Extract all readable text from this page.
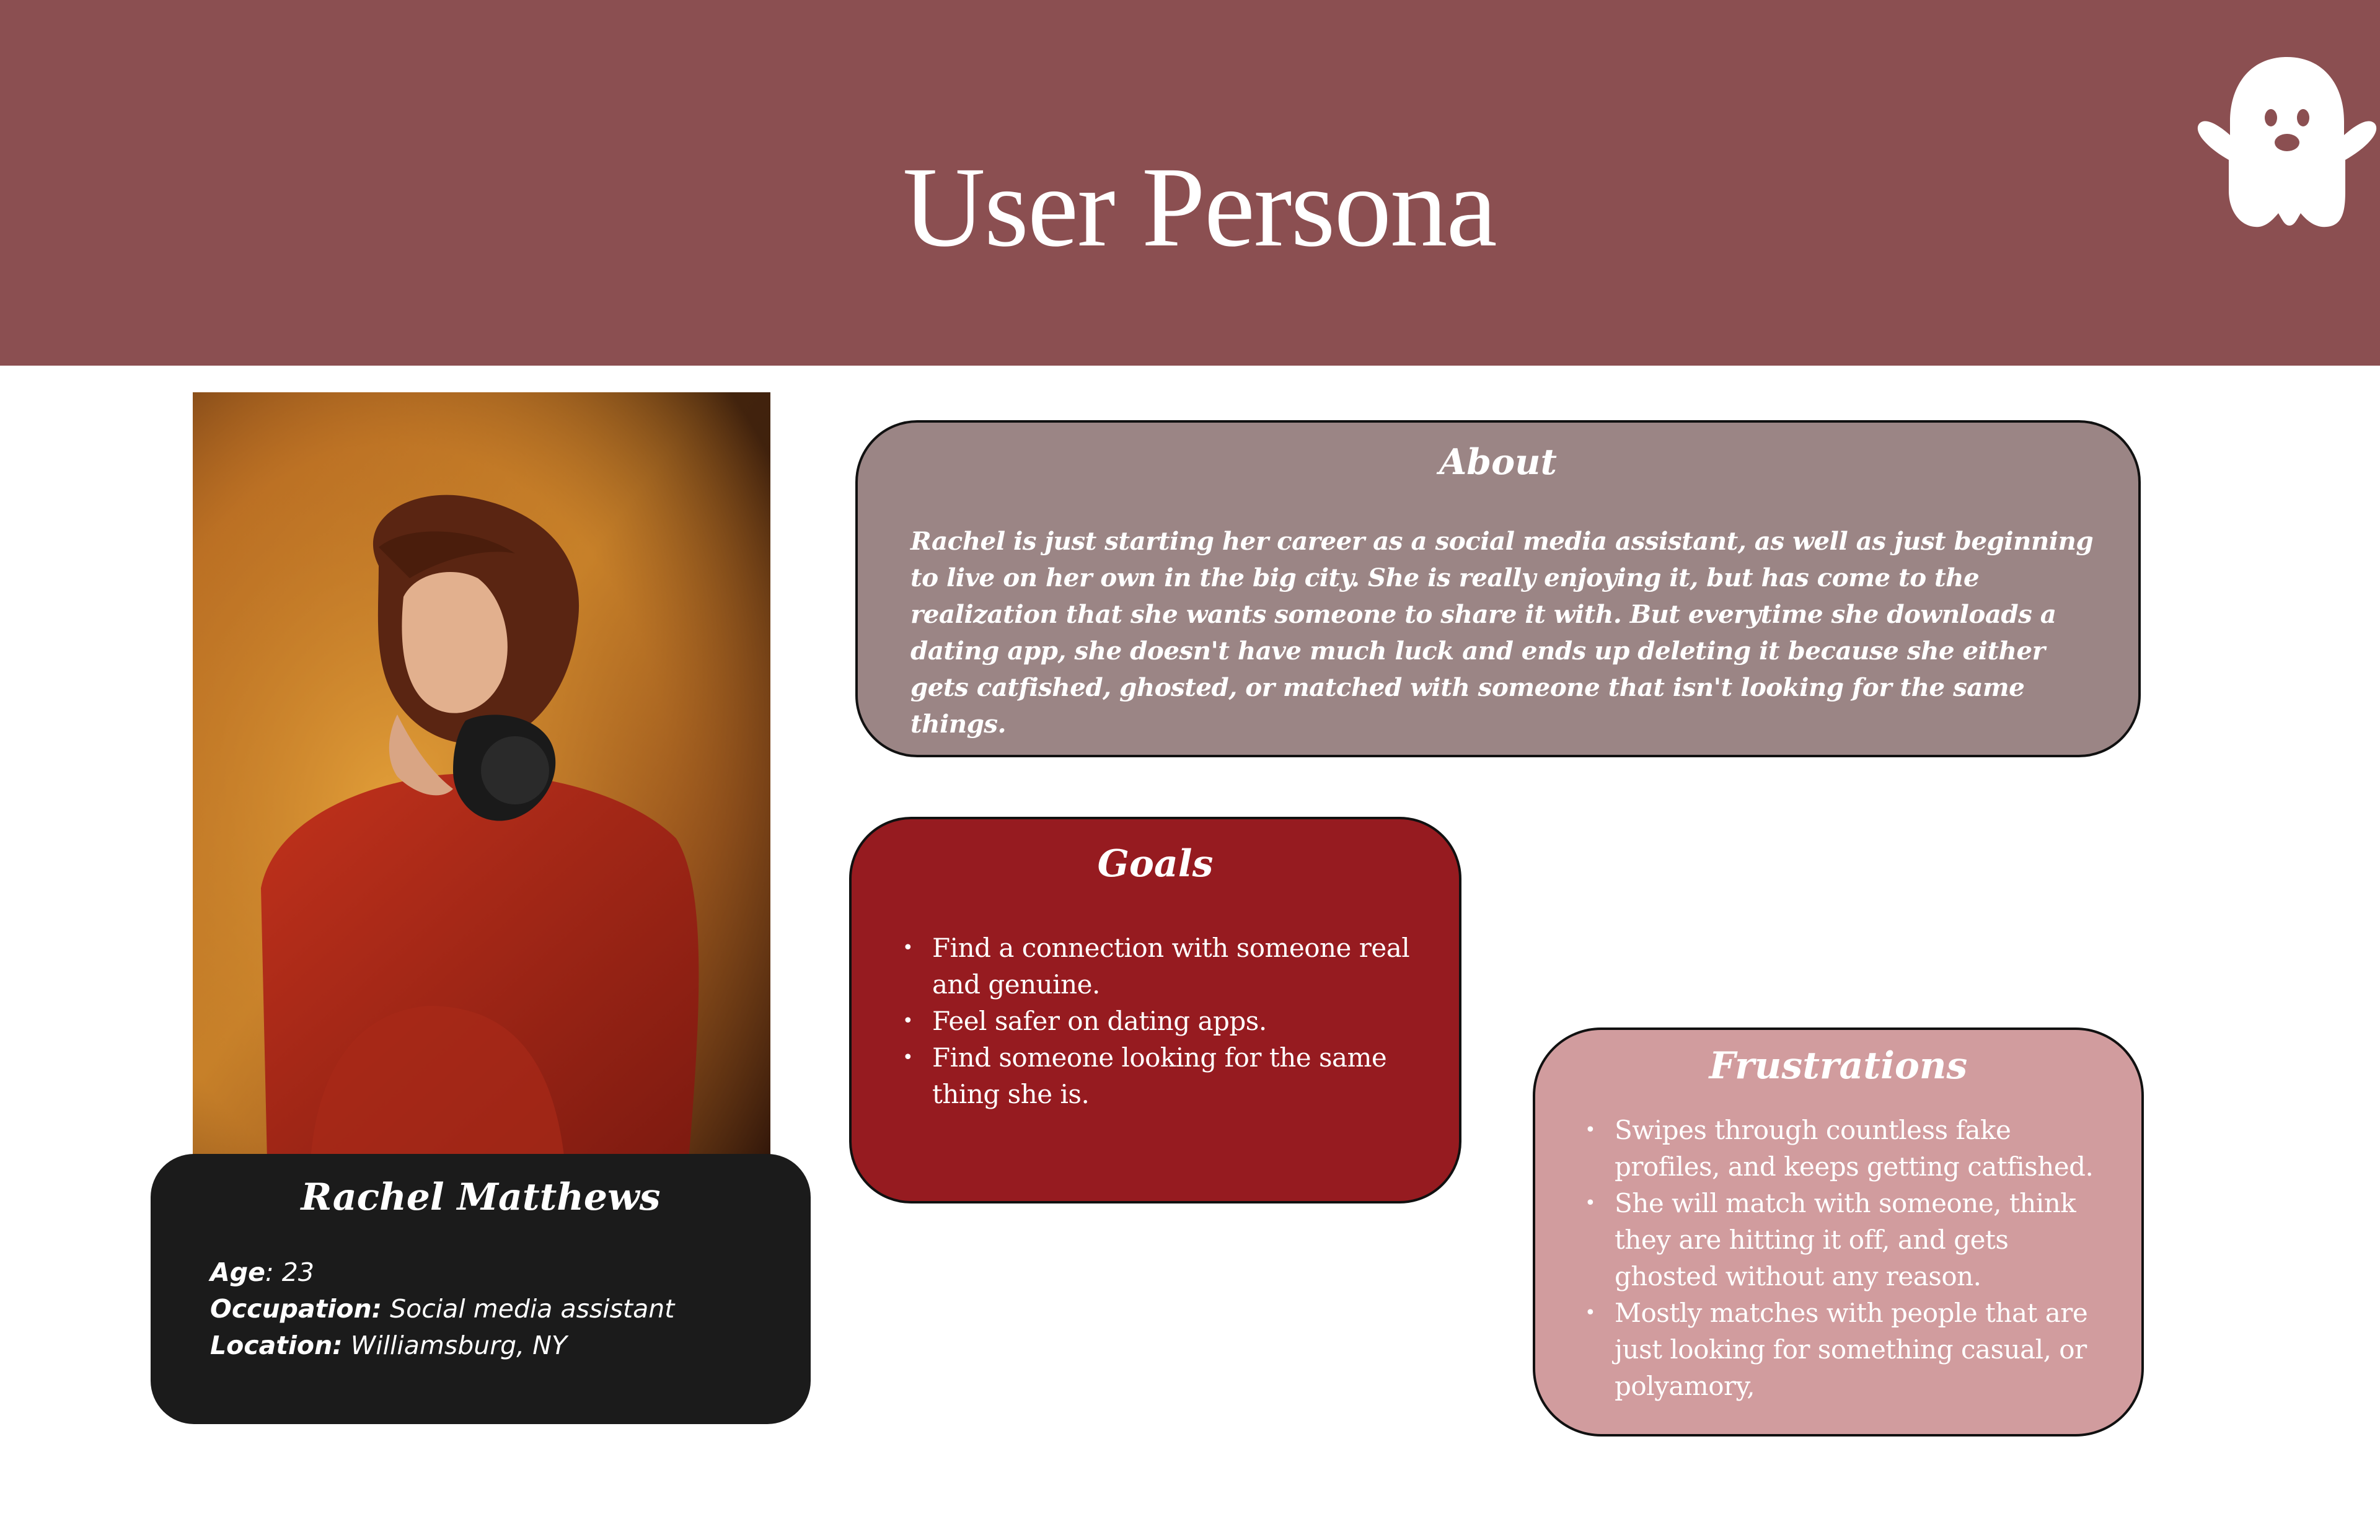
User Persona
Rachel Matthews
Age: 23
Occupation: Social media assistant
Location: Williamsburg, NY
About
Rachel is just starting her career as a social media assistant, as well as just beginning to live on her own in the big city. She is really enjoying it, but has come to the realization that she wants someone to share it with. But everytime she downloads a dating app, she doesn't have much luck and ends up deleting it because she either gets catfished, ghosted, or matched with someone that isn't looking for the same things.
Goals
• Find a connection with someone real and genuine.
• Feel safer on dating apps.
• Find someone looking for the same thing she is.
Frustrations
• Swipes through countless fake profiles, and keeps getting catfished.
• She will match with someone, think they are hitting it off, and gets ghosted without any reason.
• Mostly matches with people that are just looking for something casual, or polyamory,
